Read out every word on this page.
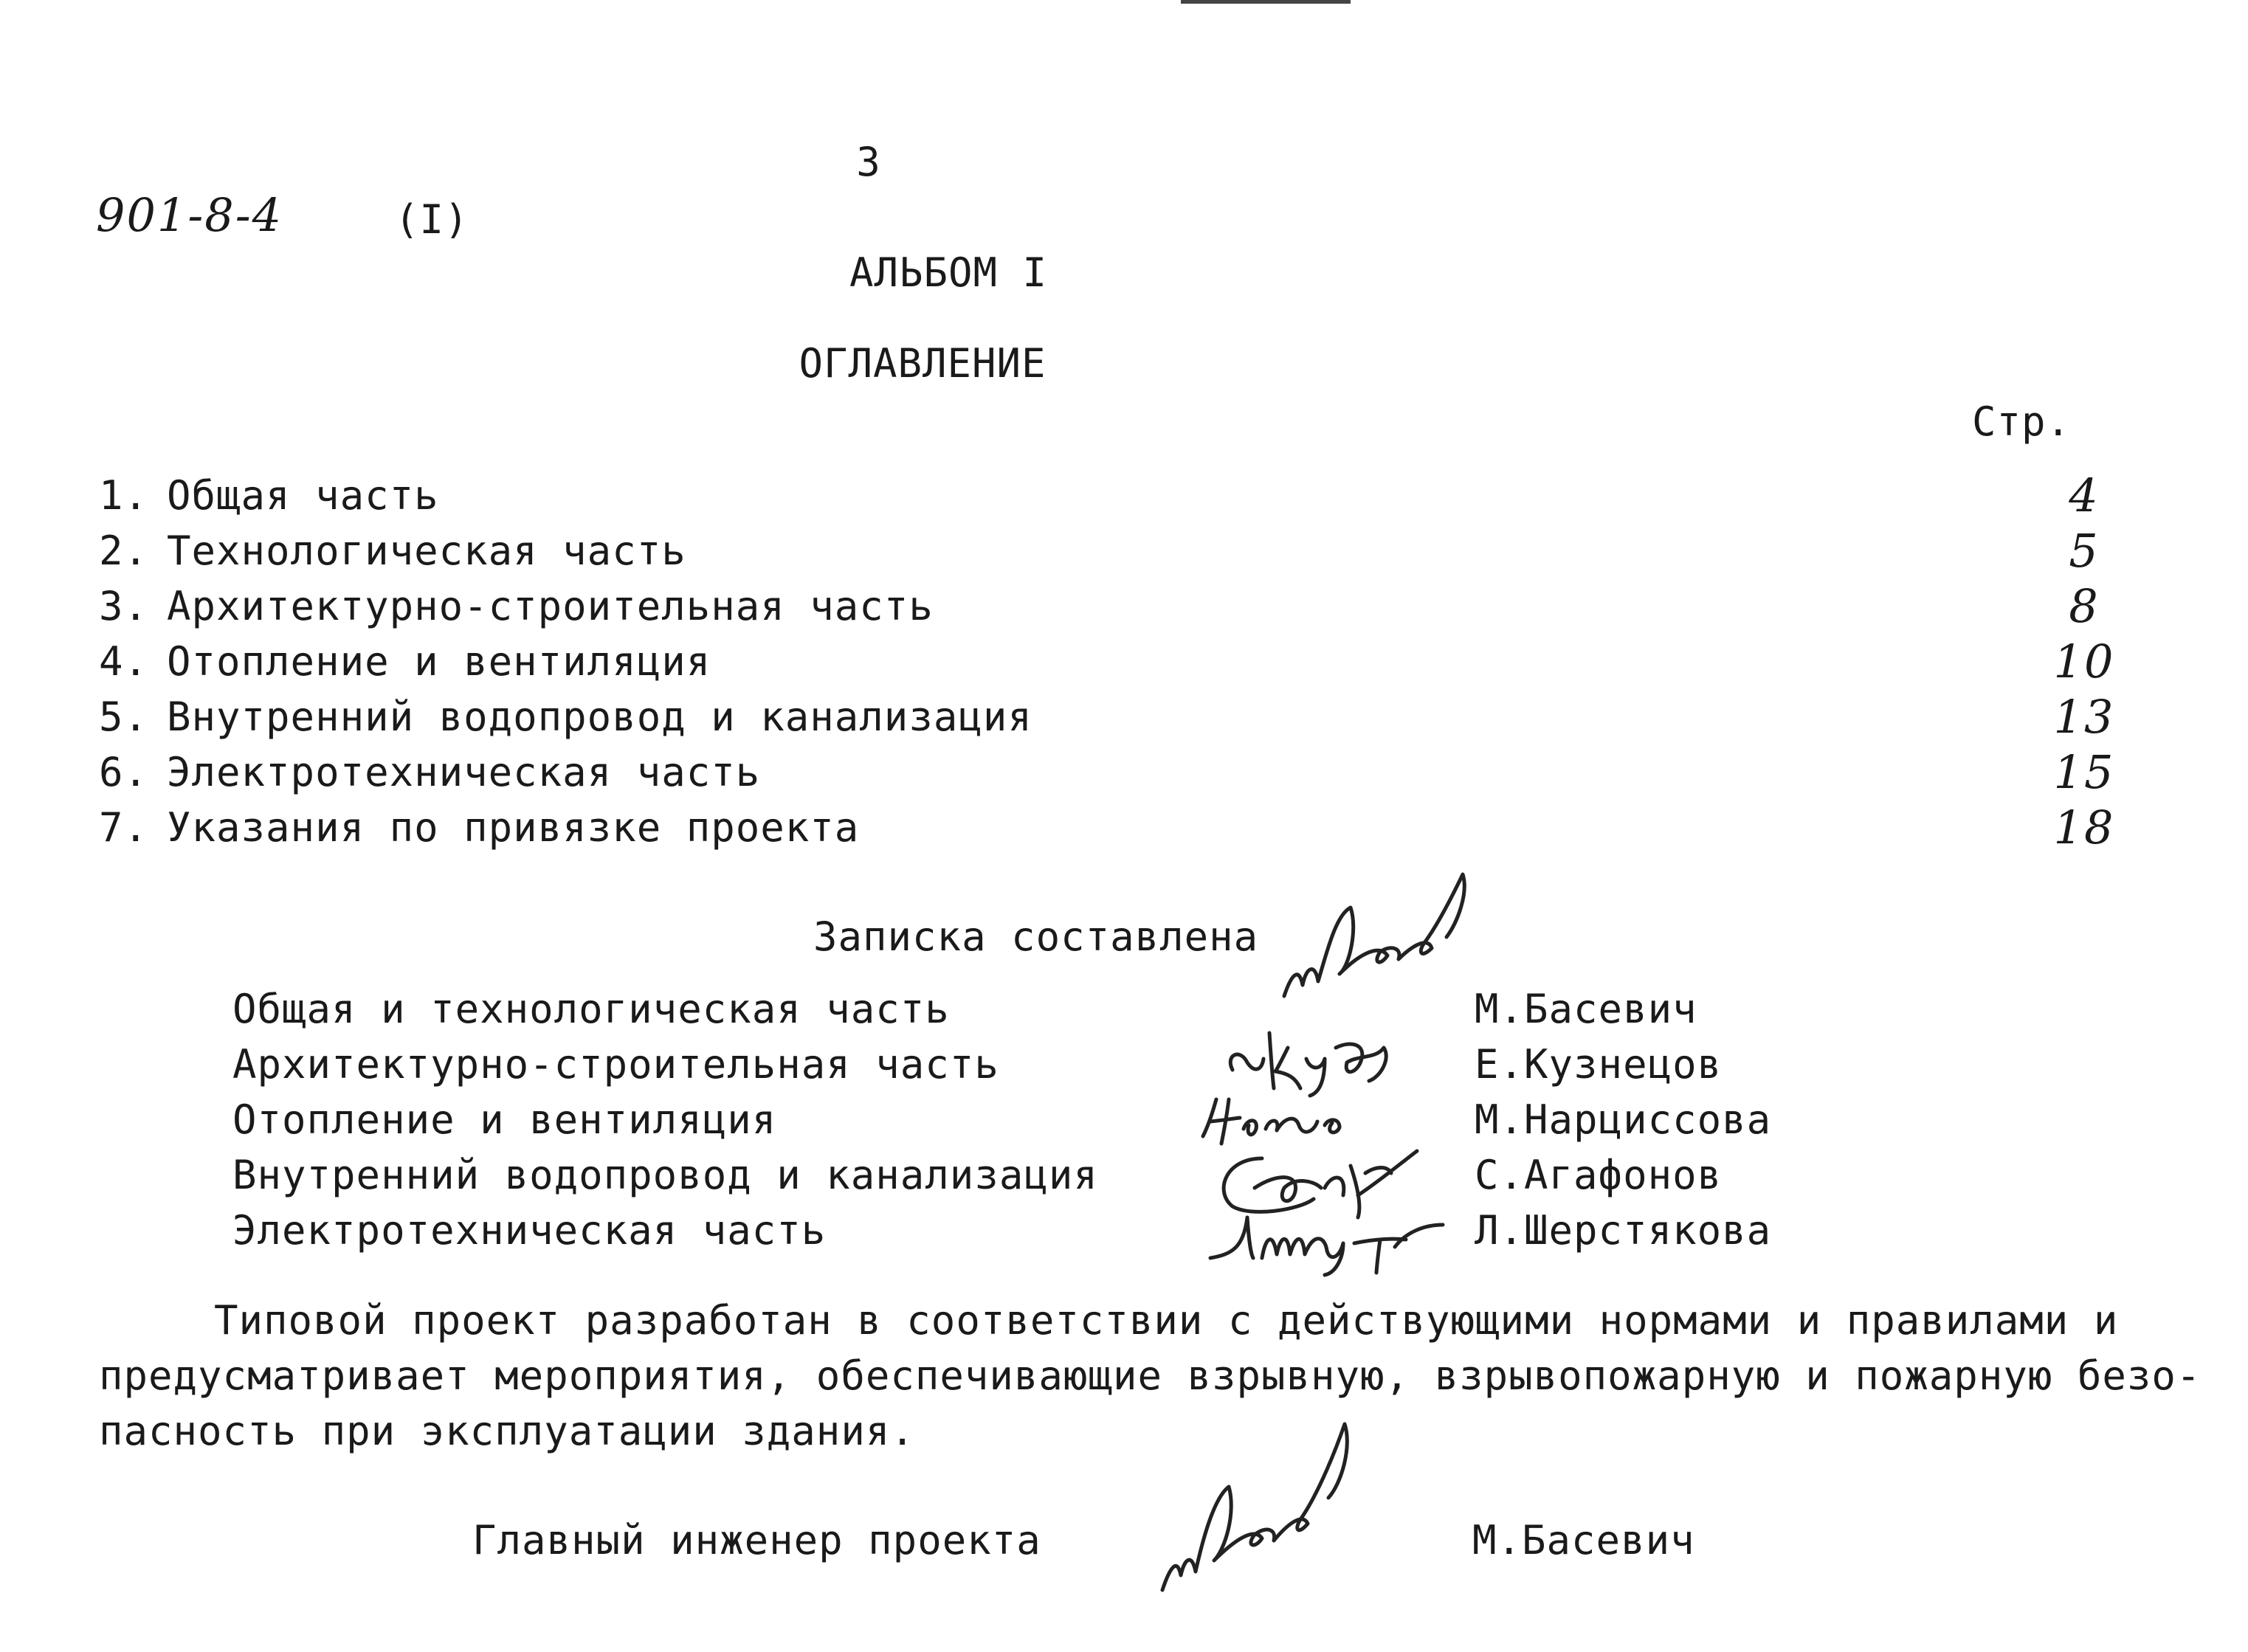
3
901-8-4	(I)
АЛЬБОМ I
ОГЛАВЛЕНИЕ
Стр.
1. Общая часть	4
2. Технологическая часть	5
3. Архитектурно-строительная часть	8
4. Отопление и вентиляция	10
5. Внутренний водопровод и канализация	13
6. Электротехническая часть	15
7. Указания по привязке проекта	18
Записка составлена
Общая и технологическая часть	М.Басевич
Архитектурно-строительная часть	Е.Кузнецов
Отопление и вентиляция	М.Нарциссова
Внутренний водопровод и канализация	С.Агафонов
Электротехническая часть	Л.Шерстякова
Типовой проект разработан в соответствии с действующими нормами и правилами и
предусматривает мероприятия, обеспечивающие взрывную, взрывопожарную и пожарную безо-
пасность при эксплуатации здания.
Главный инженер проекта	М.Басевич
